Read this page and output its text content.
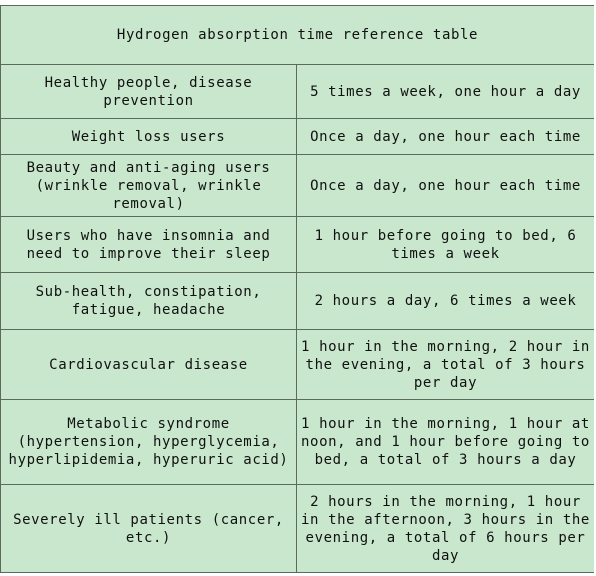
Hydrogen absorption time reference table	
Healthy people, disease prevention	5 times a week, one hour a day
Weight loss users	Once a day, one hour each time
Beauty and anti-aging users (wrinkle removal, wrinkle removal)	Once a day, one hour each time
Users who have insomnia and need to improve their sleep	1 hour before going to bed, 6 times a week
Sub-health, constipation, fatigue, headache	2 hours a day, 6 times a week
Cardiovascular disease	1 hour in the morning, 2 hour in the evening, a total of 3 hours per day
Metabolic syndrome (hypertension, hyperglycemia, hyperlipidemia, hyperuric acid)	1 hour in the morning, 1 hour at noon, and 1 hour before going to bed, a total of 3 hours a day
Severely ill patients (cancer, etc.)	2 hours in the morning, 1 hour in the afternoon, 3 hours in the evening, a total of 6 hours per day
